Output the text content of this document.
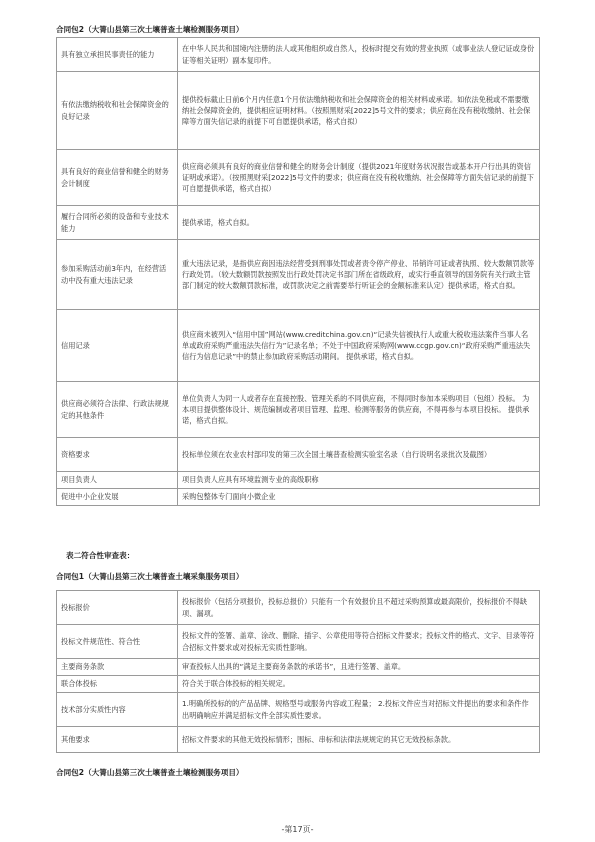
合同包2（大箐山县第三次土壤普查土壤检测服务项目）
具有独立承担民事责任的能力	在中华人民共和国境内注册的法人或其他组织或自然人，投标时提交有效的营业执照（或事业法人登记证或身份证等相关证明）副本复印件。
有依法缴纳税收和社会保障资金的良好记录	提供投标截止日前6个月内任意1个月依法缴纳税收和社会保障资金的相关材料或承诺。如依法免税或不需要缴纳社会保障资金的，提供相应证明材料。（按照黑财采[2022]5号文件的要求；供应商在没有税收缴纳、社会保障等方面失信记录的前提下可自愿提供承诺，格式自拟）
具有良好的商业信誉和健全的财务会计制度	供应商必须具有良好的商业信誉和健全的财务会计制度（提供2021年度财务状况报告或基本开户行出具的资信证明或承诺）。（按照黑财采[2022]5号文件的要求；供应商在没有税收缴纳、社会保障等方面失信记录的前提下可自愿提供承诺，格式自拟）
履行合同所必须的设备和专业技术能力	提供承诺，格式自拟。
参加采购活动前3年内，在经营活动中没有重大违法记录	重大违法记录，是指供应商因违法经营受到刑事处罚或者责令停产停业、吊销许可证或者执照、较大数额罚款等行政处罚。（较大数额罚款按照发出行政处罚决定书部门所在省级政府，或实行垂直领导的国务院有关行政主管部门制定的较大数额罚款标准，或罚款决定之前需要举行听证会的金额标准来认定）提供承诺，格式自拟。
信用记录	供应商未被列入“信用中国”网站(www.creditchina.gov.cn)“记录失信被执行人或重大税收违法案件当事人名单或政府采购严重违法失信行为”记录名单；不处于中国政府采购网(www.ccgp.gov.cn)“政府采购严重违法失信行为信息记录”中的禁止参加政府采购活动期间。 提供承诺，格式自拟。
供应商必须符合法律、行政法规规定的其他条件	单位负责人为同一人或者存在直接控股、管理关系的不同供应商，不得同时参加本采购项目（包组）投标。 为本项目提供整体设计、规范编制或者项目管理、监理、检测等服务的供应商，不得再参与本项目投标。 提供承诺，格式自拟。
资格要求	投标单位须在农业农村部印发的第三次全国土壤普查检测实验室名录（自行说明名录批次及截图）
项目负责人	项目负责人应具有环境监测专业的高级职称
促进中小企业发展	采购包整体专门面向小微企业
表二符合性审查表：
合同包1（大箐山县第三次土壤普查土壤采集服务项目）
投标报价	投标报价（包括分项报价，投标总报价）只能有一个有效报价且不超过采购预算或最高限价，投标报价不得缺项、漏项。
投标文件规范性、符合性	投标文件的签署、盖章、涂改、删除、插字、公章使用等符合招标文件要求；投标文件的格式、文字、目录等符合招标文件要求或对投标无实质性影响。
主要商务条款	审查投标人出具的“满足主要商务条款的承诺书”，且进行签署、盖章。
联合体投标	符合关于联合体投标的相关规定。
技术部分实质性内容	1.明确所投标的的产品品牌、规格型号或服务内容或工程量； 2.投标文件应当对招标文件提出的要求和条件作出明确响应并满足招标文件全部实质性要求。
其他要求	招标文件要求的其他无效投标情形；围标、串标和法律法规规定的其它无效投标条款。
合同包2（大箐山县第三次土壤普查土壤检测服务项目）
-第17页-
